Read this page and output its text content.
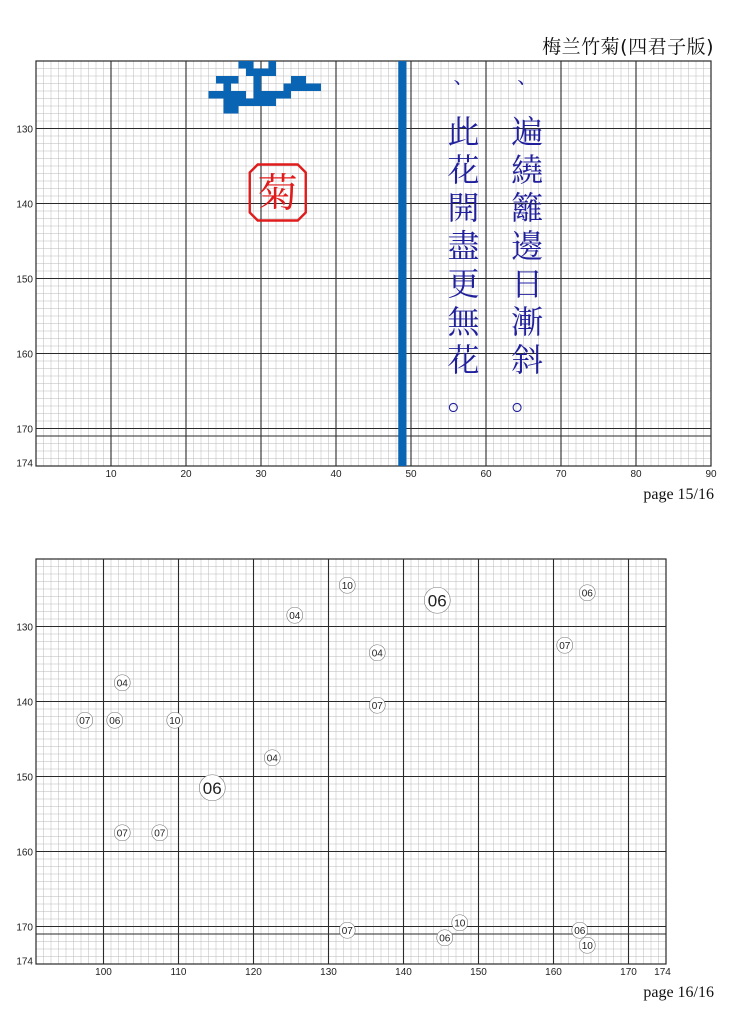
梅兰竹菊(四君子版)
10	20	30	40	50	60	70	80	90
130
140
150
160
170
174
菊
遍
繞
籬
邊
日
漸
斜
。
、
此
花
開
盡
更
無
花
。
、
100	110	120	130	140	150	160	170 174
130
140
150
160
170
174
10
04
06	06
07
04
07
04
07 06	10
04
06
07	07
07
10
06
06
10
page 15/16
page 16/16
